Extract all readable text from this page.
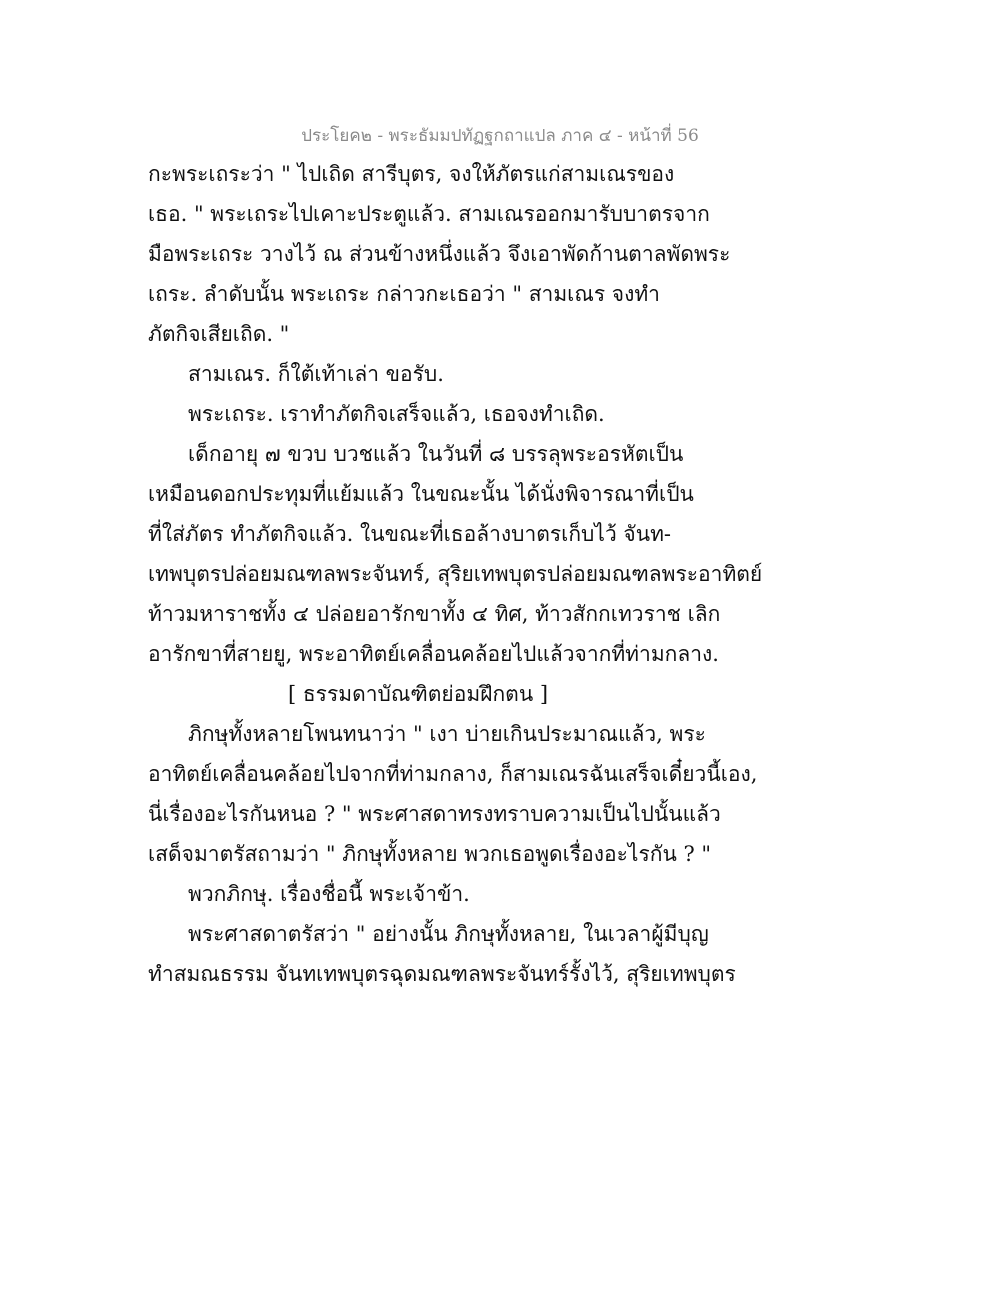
ประโยค๒ - พระธัมมปทัฏฐกถาแปล ภาค ๔ - หน้าที่ 56
กะพระเถระว่า " ไปเถิด สารีบุตร, จงให้ภัตรแก่สามเณรของ
เธอ. " พระเถระไปเคาะประตูแล้ว. สามเณรออกมารับบาตรจาก
มือพระเถระ วางไว้ ณ ส่วนข้างหนึ่งแล้ว จึงเอาพัดก้านตาลพัดพระ
เถระ. ลำดับนั้น พระเถระ กล่าวกะเธอว่า " สามเณร จงทำ
ภัตกิจเสียเถิด. "
สามเณร. ก็ใต้เท้าเล่า ขอรับ.
พระเถระ. เราทำภัตกิจเสร็จแล้ว, เธอจงทำเถิด.
เด็กอายุ ๗ ขวบ บวชแล้ว ในวันที่ ๘ บรรลุพระอรหัตเป็น
เหมือนดอกประทุมที่แย้มแล้ว ในขณะนั้น ได้นั่งพิจารณาที่เป็น
ที่ใส่ภัตร ทำภัตกิจแล้ว. ในขณะที่เธอล้างบาตรเก็บไว้ จันท-
เทพบุตรปล่อยมณฑลพระจันทร์, สุริยเทพบุตรปล่อยมณฑลพระอาทิตย์
ท้าวมหาราชทั้ง ๔ ปล่อยอารักขาทั้ง ๔ ทิศ, ท้าวสักกเทวราช เลิก
อารักขาที่สายยู, พระอาทิตย์เคลื่อนคล้อยไปแล้วจากที่ท่ามกลาง.
[ ธรรมดาบัณฑิตย่อมฝึกตน ]
ภิกษุทั้งหลายโพนทนาว่า " เงา บ่ายเกินประมาณแล้ว, พระ
อาทิตย์เคลื่อนคล้อยไปจากที่ท่ามกลาง, ก็สามเณรฉันเสร็จเดี๋ยวนี้เอง,
นี่เรื่องอะไรกันหนอ ? " พระศาสดาทรงทราบความเป็นไปนั้นแล้ว
เสด็จมาตรัสถามว่า " ภิกษุทั้งหลาย พวกเธอพูดเรื่องอะไรกัน ? "
พวกภิกษุ. เรื่องชื่อนี้ พระเจ้าข้า.
พระศาสดาตรัสว่า " อย่างนั้น ภิกษุทั้งหลาย, ในเวลาผู้มีบุญ
ทำสมณธรรม จันทเทพบุตรฉุดมณฑลพระจันทร์รั้งไว้, สุริยเทพบุตร
